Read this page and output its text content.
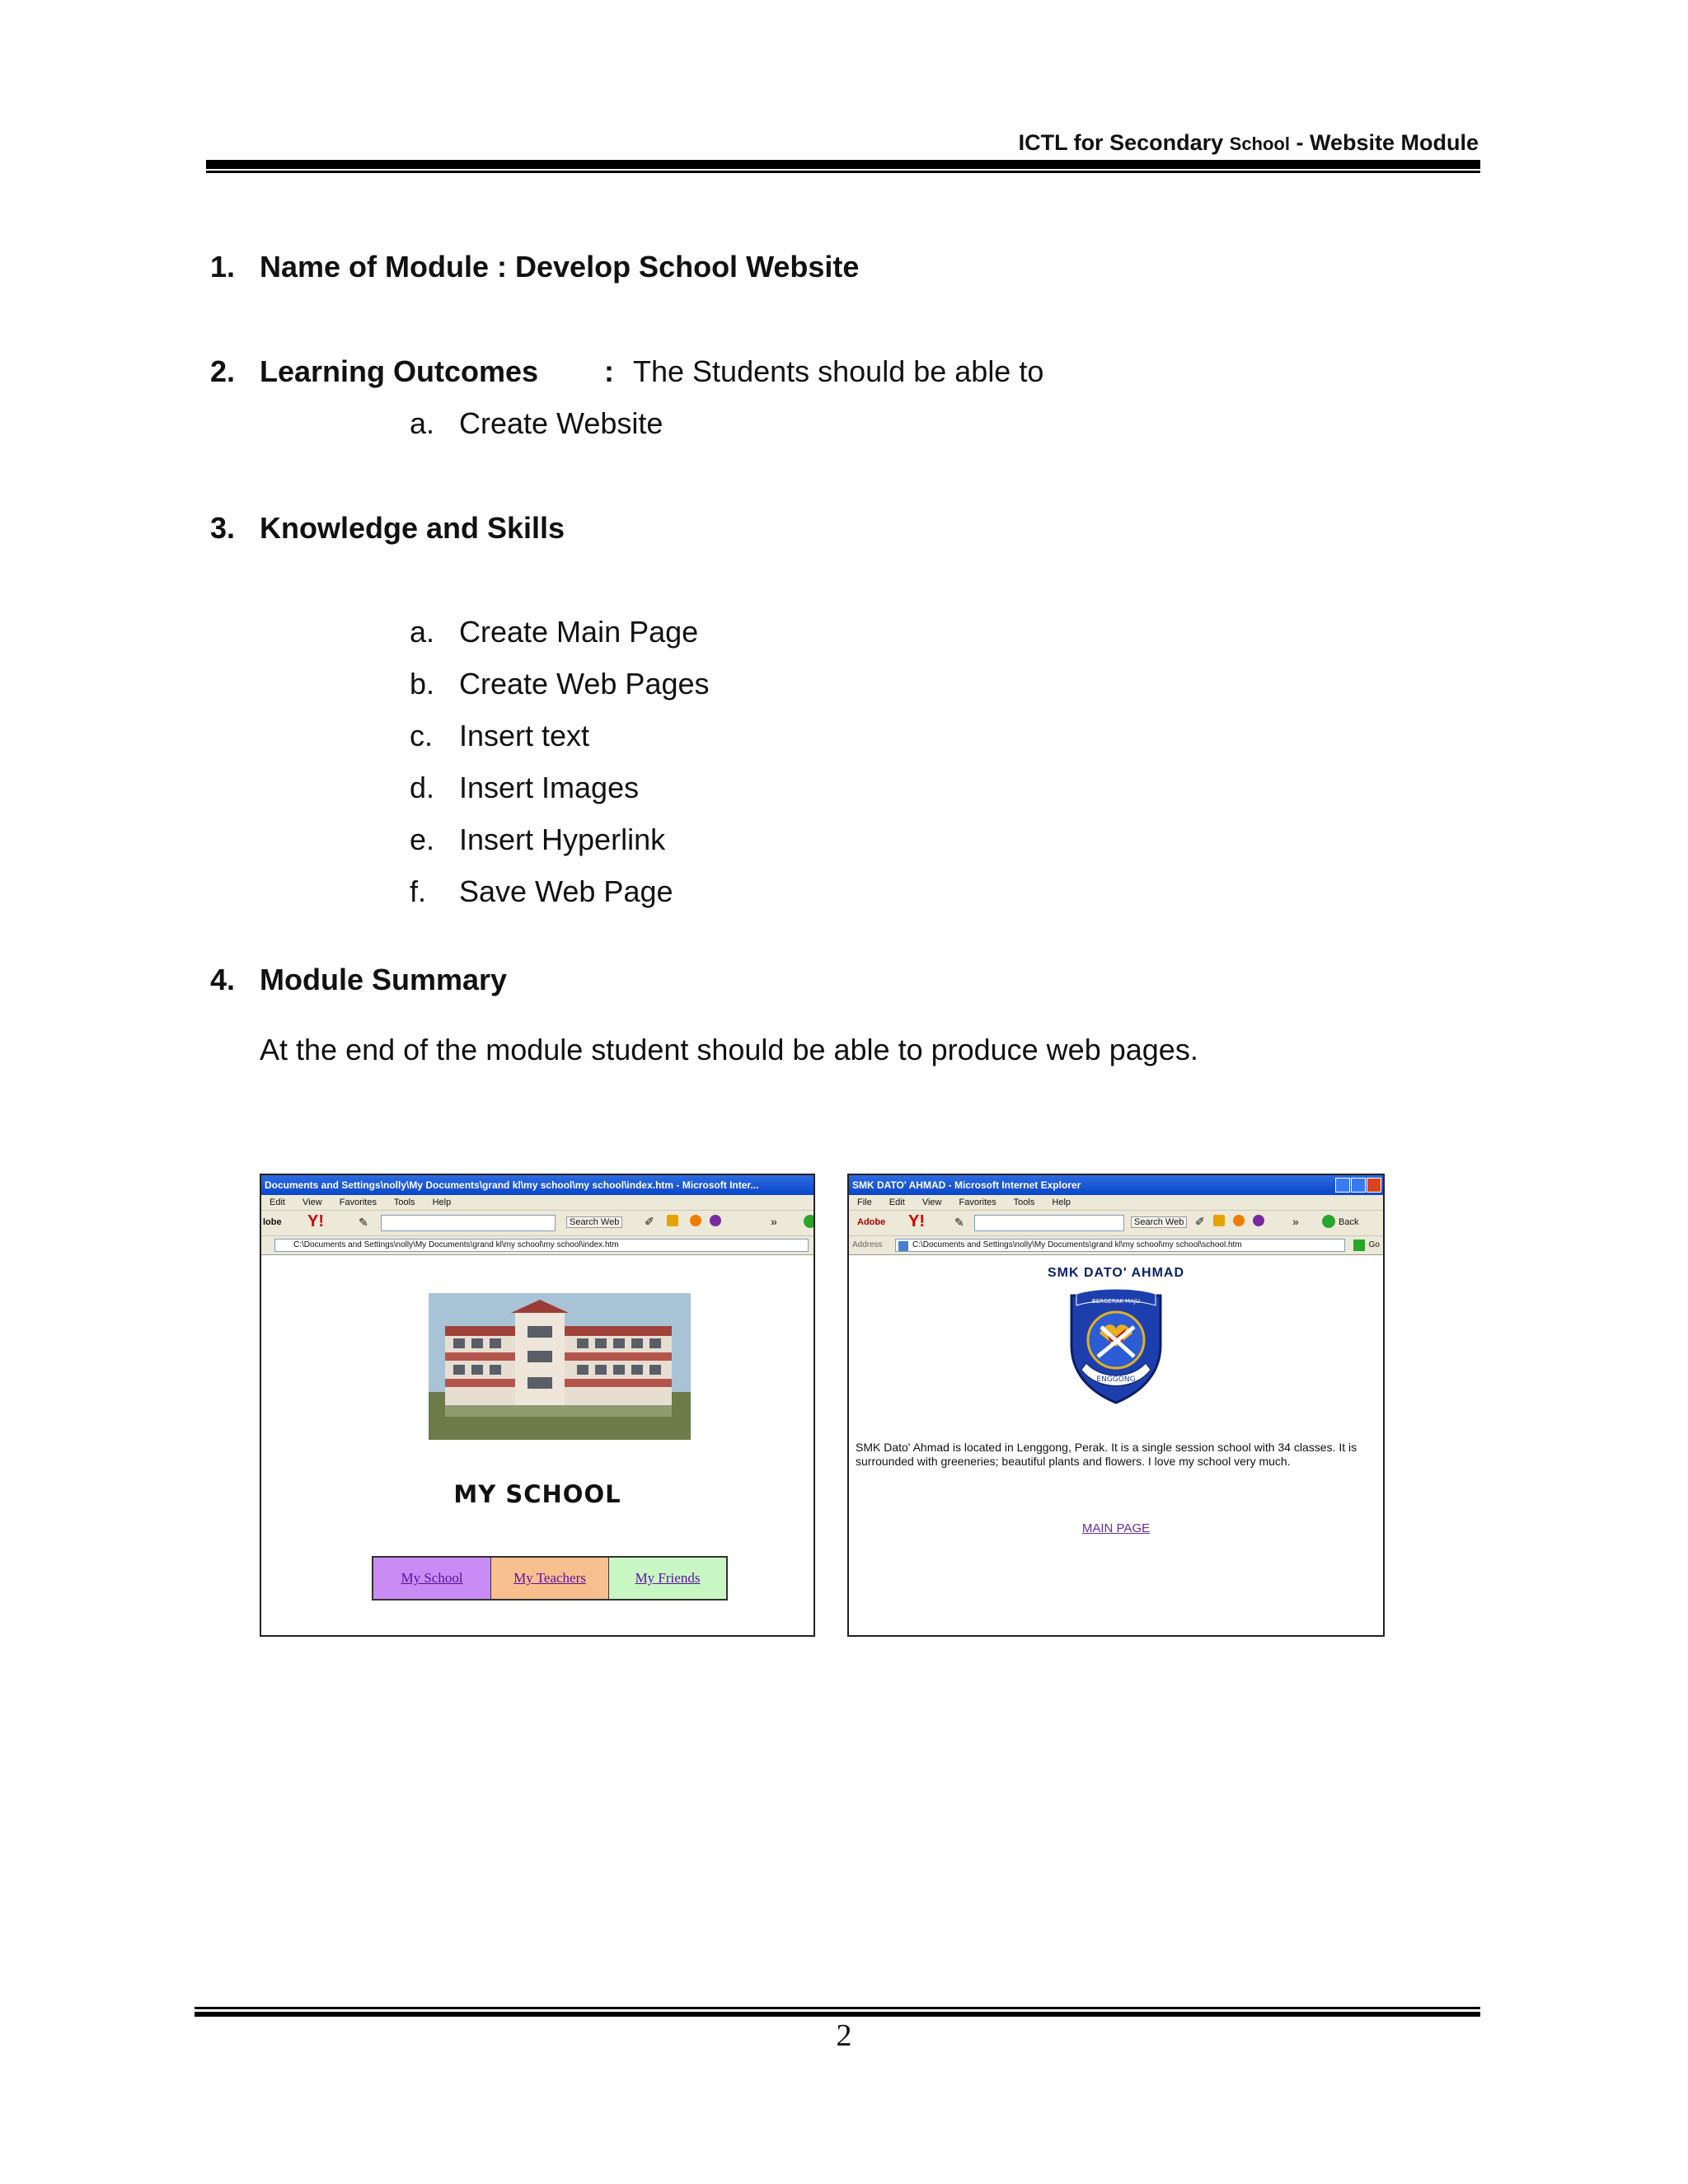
ICTL for Secondary School - Website Module
1. Name of Module : Develop School Website
2. Learning Outcomes : The Students should be able to
a. Create Website
3. Knowledge and Skills
a. Create Main Page
b. Create Web Pages
c. Insert text
d. Insert Images
e. Insert Hyperlink
f. Save Web Page
4. Module Summary
At the end of the module student should be able to produce web pages.
Documents and Settings\nolly\My Documents\grand kl\my school\my school\index.htm - Microsoft Inter...
Edit View Favorites Tools Help
lobe Y!	✎	Search Web ✐	»
C:\Documents and Settings\nolly\My Documents\grand kl\my school\my school\index.htm
MY SCHOOL
My School	My Teachers	My Friends
SMK DATO' AHMAD - Microsoft Internet Explorer
File Edit View Favorites Tools Help
Adobe Y!	✎	Search Web ✐	»	Back
Address	C:\Documents and Settings\nolly\My Documents\grand kl\my school\my school\school.htm	Go
SMK DATO' AHMAD
BERGERAK MAJU
ENGGONG
SMK Dato' Ahmad is located in Lenggong, Perak. It is a single session school with 34 classes. It is surrounded with greeneries; beautiful plants and flowers. I love my school very much.
MAIN PAGE
2
